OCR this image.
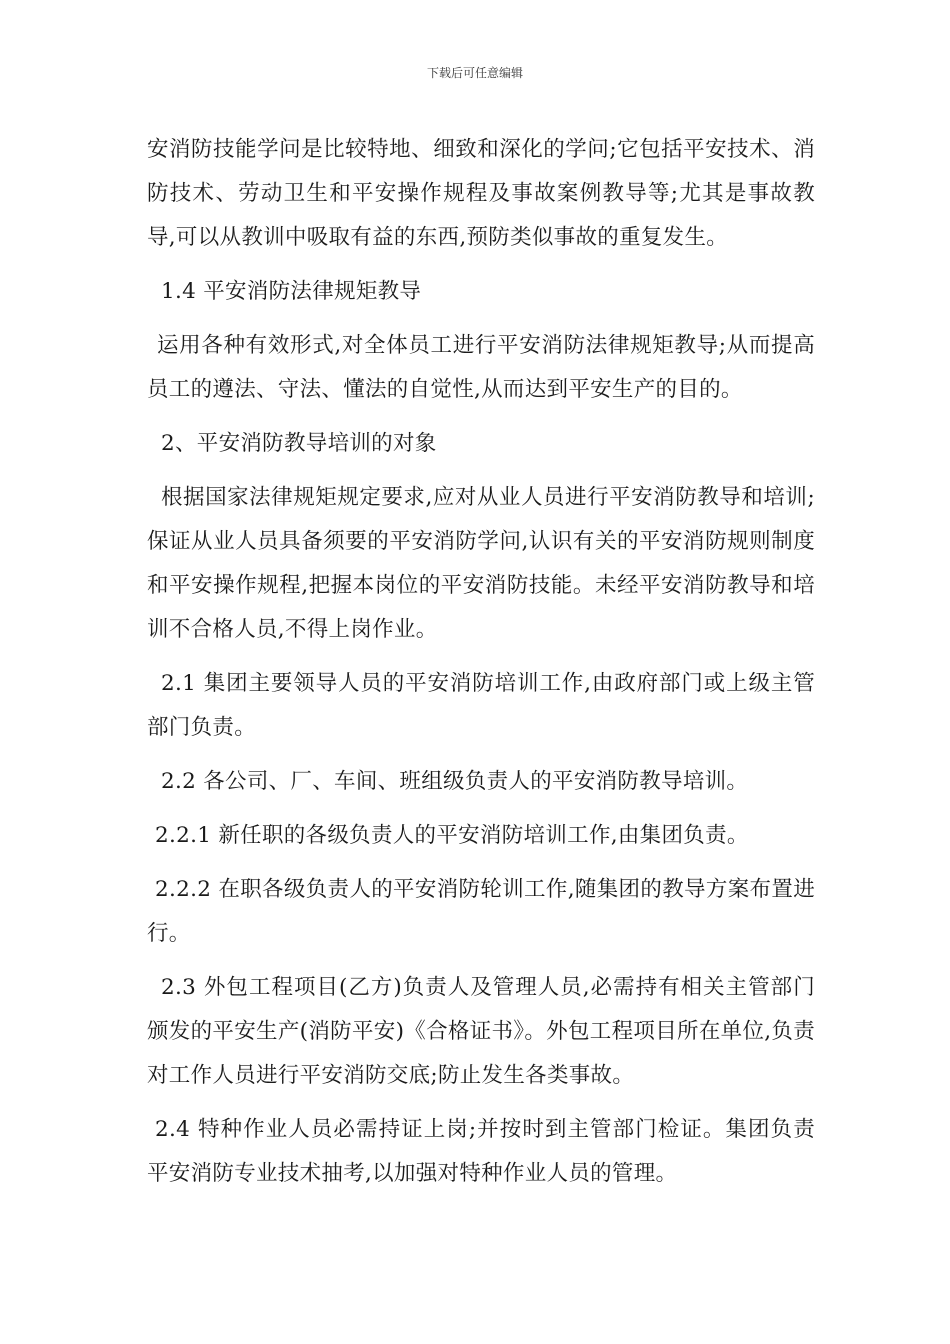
下载后可任意编辑

安消防技能学问是比较特地、细致和深化的学问;它包括平安技术、消防技术、劳动卫生和平安操作规程及事故案例教导等;尤其是事故教导,可以从教训中吸取有益的东西,预防类似事故的重复发生。

1.4 平安消防法律规矩教导

运用各种有效形式,对全体员工进行平安消防法律规矩教导;从而提高员工的遵法、守法、懂法的自觉性,从而达到平安生产的目的。

2、平安消防教导培训的对象

根据国家法律规矩规定要求,应对从业人员进行平安消防教导和培训;保证从业人员具备须要的平安消防学问,认识有关的平安消防规则制度和平安操作规程,把握本岗位的平安消防技能。未经平安消防教导和培训不合格人员,不得上岗作业。

2.1 集团主要领导人员的平安消防培训工作,由政府部门或上级主管部门负责。

2.2 各公司、厂、车间、班组级负责人的平安消防教导培训。

2.2.1 新任职的各级负责人的平安消防培训工作,由集团负责。

2.2.2 在职各级负责人的平安消防轮训工作,随集团的教导方案布置进行。

2.3 外包工程项目(乙方)负责人及管理人员,必需持有相关主管部门颁发的平安生产(消防平安)《合格证书》。外包工程项目所在单位,负责对工作人员进行平安消防交底;防止发生各类事故。

2.4 特种作业人员必需持证上岗;并按时到主管部门检证。集团负责平安消防专业技术抽考,以加强对特种作业人员的管理。
